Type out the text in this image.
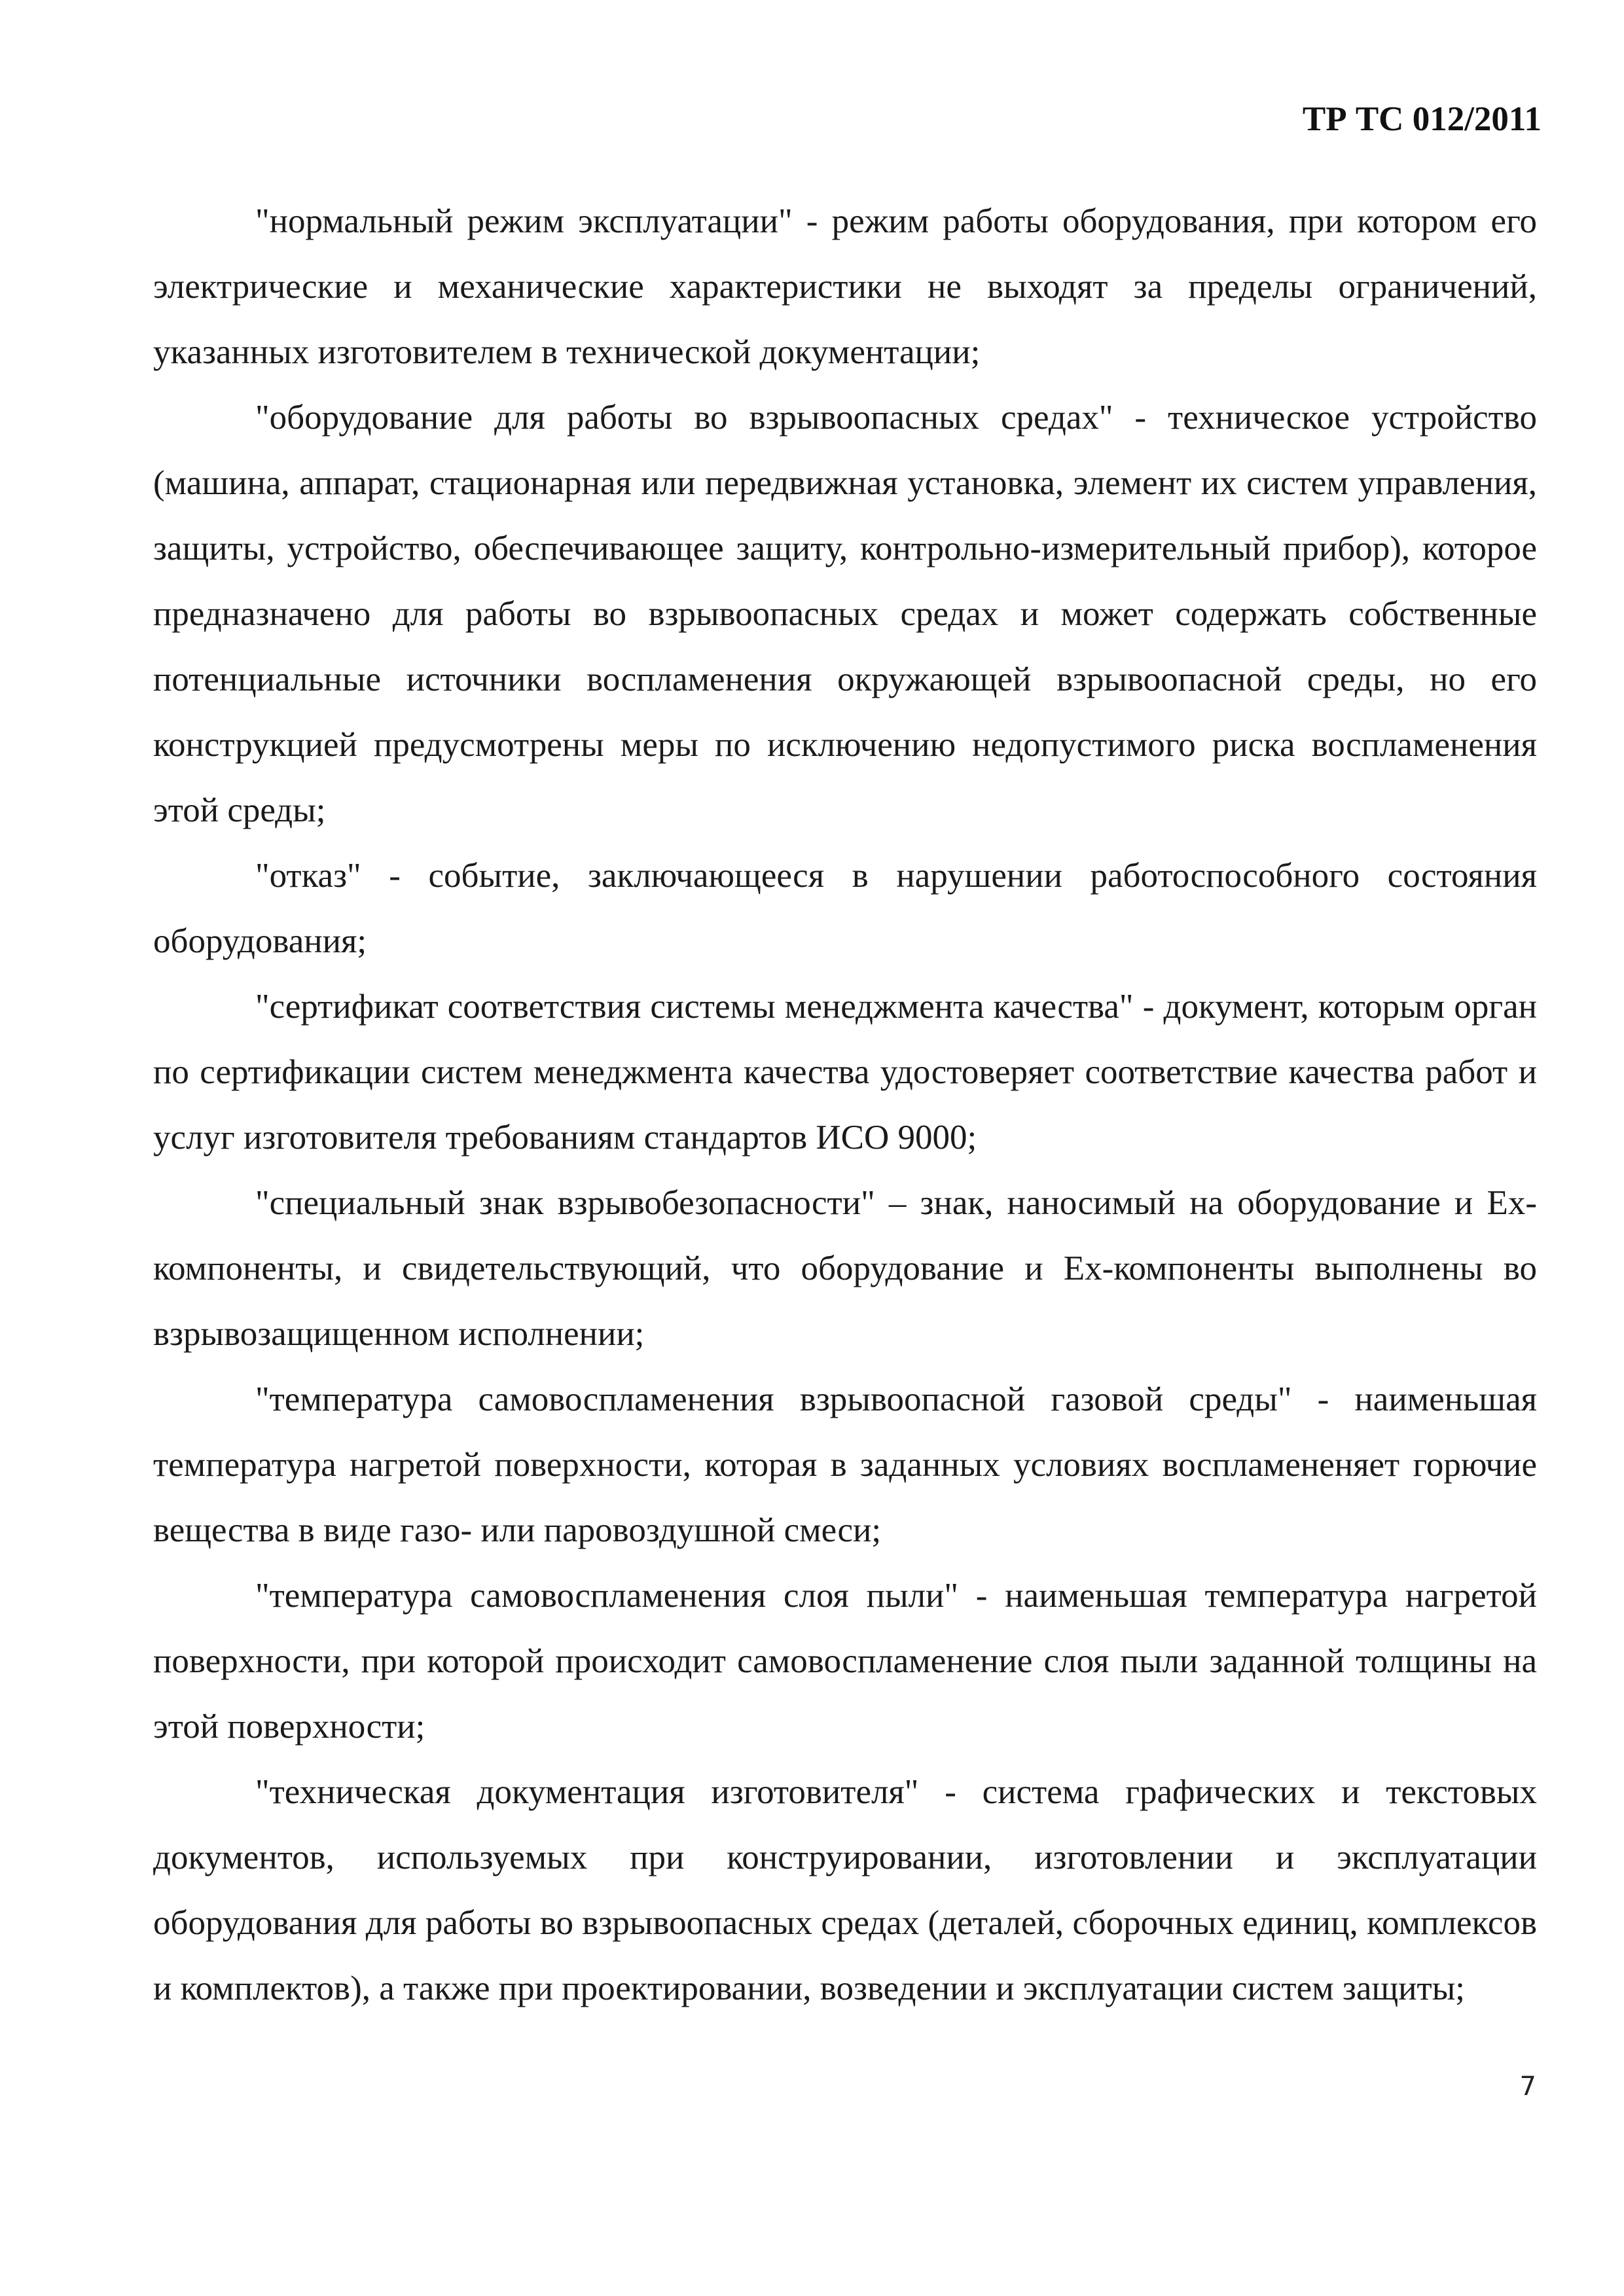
ТР ТС 012/2011

"нормальный режим эксплуатации" - режим работы оборудования, при котором его электрические и механические характеристики не выходят за пределы ограничений, указанных изготовителем в технической документации;

"оборудование для работы во взрывоопасных средах" - техническое устройство (машина, аппарат, стационарная или передвижная установка, элемент их систем управления, защиты, устройство, обеспечивающее защиту, контрольно-измерительный прибор), которое предназначено для работы во взрывоопасных средах и может содержать собственные потенциальные источники воспламенения окружающей взрывоопасной среды, но его конструкцией предусмотрены меры по исключению недопустимого риска воспламенения этой среды;

"отказ" - событие, заключающееся в нарушении работоспособного состояния оборудования;

"сертификат соответствия системы менеджмента качества" - документ, которым орган по сертификации систем менеджмента качества удостоверяет соответствие качества работ и услуг изготовителя требованиям стандартов ИСО 9000;

"специальный знак взрывобезопасности" – знак, наносимый на оборудование и Ex-компоненты, и свидетельствующий, что оборудование и Ex-компоненты выполнены во взрывозащищенном исполнении;

"температура самовоспламенения взрывоопасной газовой среды" - наименьшая температура нагретой поверхности, которая в заданных условиях воспламененяет горючие вещества в виде газо- или паровоздушной смеси;

"температура самовоспламенения слоя пыли" - наименьшая температура нагретой поверхности, при которой происходит самовоспламенение слоя пыли заданной толщины на этой поверхности;

"техническая документация изготовителя" - система графических и текстовых документов, используемых при конструировании, изготовлении и эксплуатации оборудования для работы во взрывоопасных средах (деталей, сборочных единиц, комплексов и комплектов), а также при проектировании, возведении и эксплуатации систем защиты;

7
